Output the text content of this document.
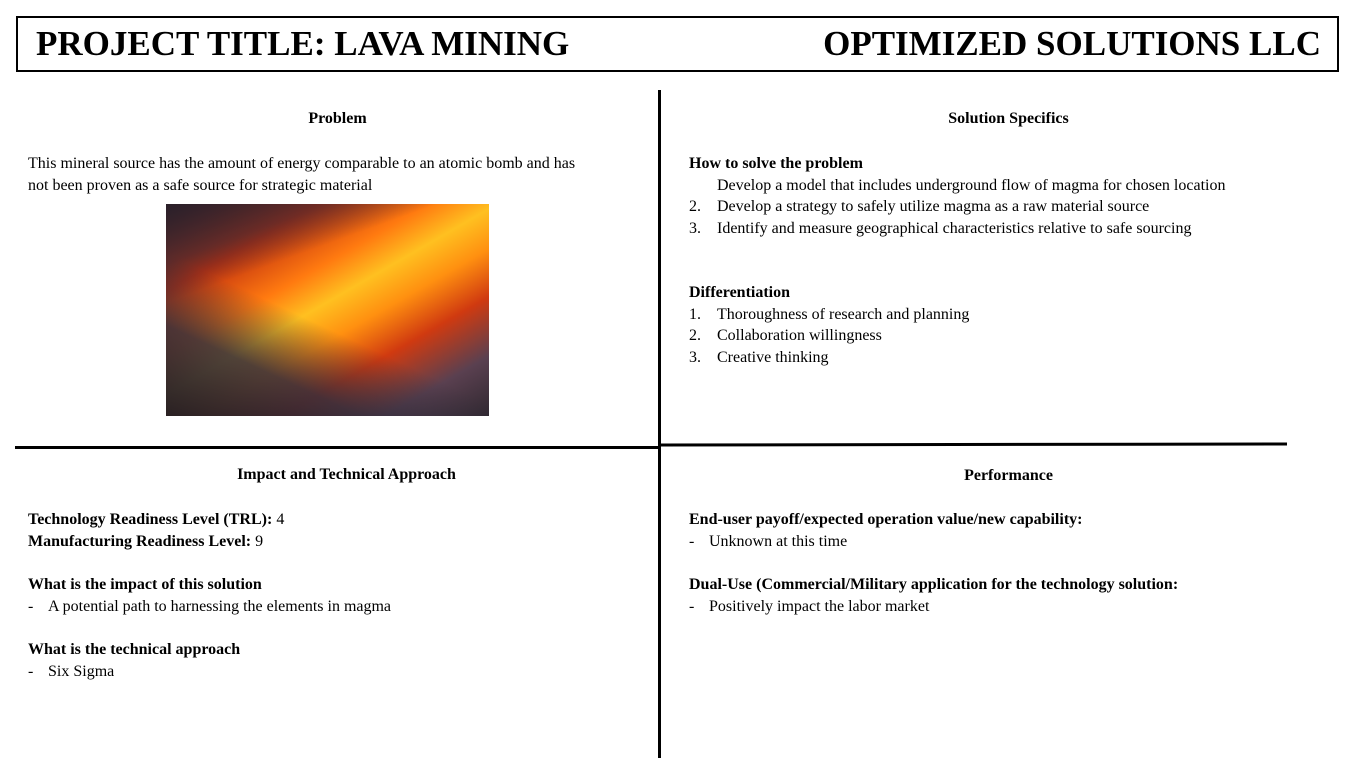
PROJECT TITLE: LAVA MINING	OPTIMIZED SOLUTIONS LLC
Problem
This mineral source has the amount of energy comparable to an atomic bomb and has
not been proven as a safe source for strategic material
Solution Specifics
How to solve the problem
Develop a model that includes underground flow of magma for chosen location
2. Develop a strategy to safely utilize magma as a raw material source
3. Identify and measure geographical characteristics relative to safe sourcing
Differentiation
1. Thoroughness of research and planning
2. Collaboration willingness
3. Creative thinking
Impact and Technical Approach
Technology Readiness Level (TRL): 4
Manufacturing Readiness Level: 9
What is the impact of this solution
- A potential path to harnessing the elements in magma
What is the technical approach
- Six Sigma
Performance
End-user payoff/expected operation value/new capability:
- Unknown at this time
Dual-Use (Commercial/Military application for the technology solution:
- Positively impact the labor market
